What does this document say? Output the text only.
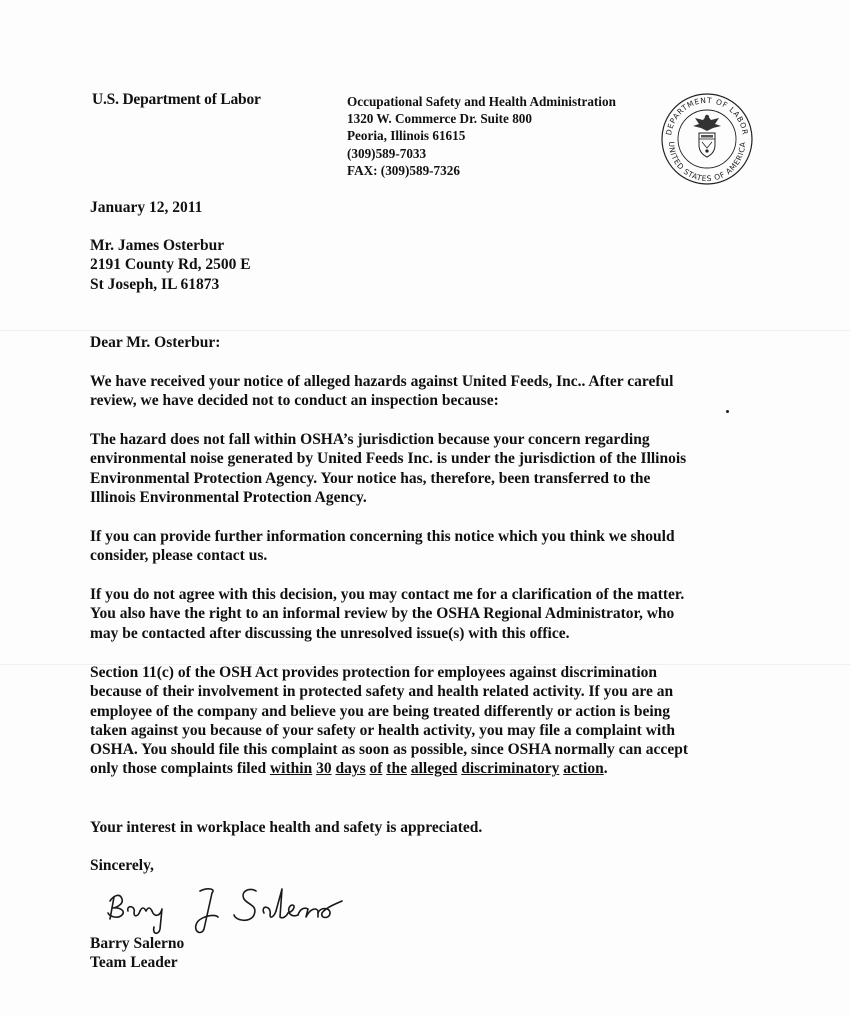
U.S. Department of Labor	Occupational Safety and Health Administration
1320 W. Commerce Dr. Suite 800
Peoria, Illinois 61615
(309)589-7033
FAX: (309)589-7326
DEPARTMENT OF LABOR
UNITED STATES OF AMERICA
January 12, 2011
Mr. James Osterbur
2191 County Rd, 2500 E
St Joseph, IL 61873
Dear Mr. Osterbur:
We have received your notice of alleged hazards against United Feeds, Inc.. After careful
review, we have decided not to conduct an inspection because:
The hazard does not fall within OSHA’s jurisdiction because your concern regarding
environmental noise generated by United Feeds Inc. is under the jurisdiction of the Illinois
Environmental Protection Agency. Your notice has, therefore, been transferred to the
Illinois Environmental Protection Agency.
If you can provide further information concerning this notice which you think we should
consider, please contact us.
If you do not agree with this decision, you may contact me for a clarification of the matter.
You also have the right to an informal review by the OSHA Regional Administrator, who
may be contacted after discussing the unresolved issue(s) with this office.
Section 11(c) of the OSH Act provides protection for employees against discrimination
because of their involvement in protected safety and health related activity. If you are an
employee of the company and believe you are being treated differently or action is being
taken against you because of your safety or health activity, you may file a complaint with
OSHA. You should file this complaint as soon as possible, since OSHA normally can accept
only those complaints filed within 30 days of the alleged discriminatory action.
Your interest in workplace health and safety is appreciated.
Sincerely,
Barry Salerno
Team Leader
